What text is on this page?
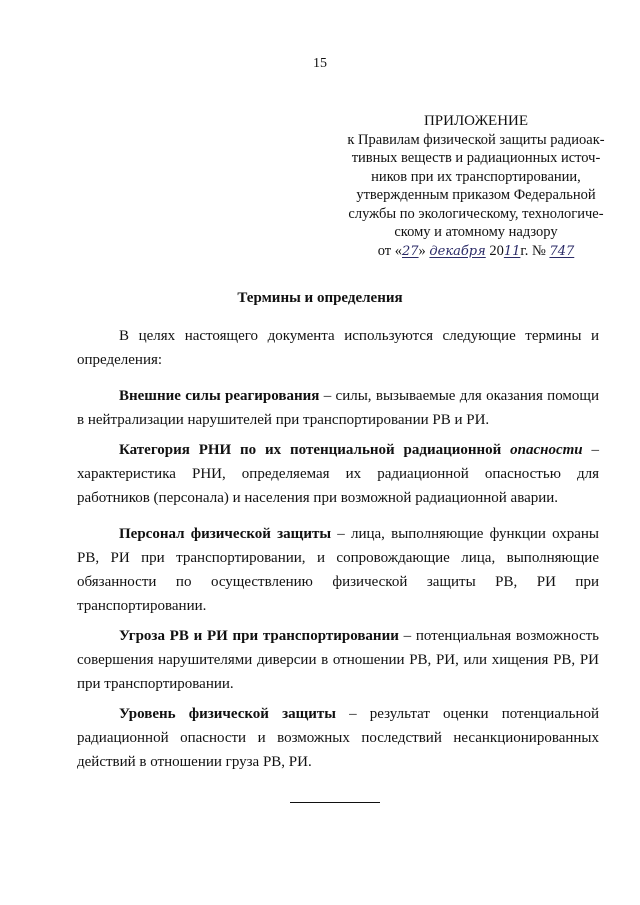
15
ПРИЛОЖЕНИЕ
к Правилам физической защиты радиоак-
тивных веществ и радиационных источ-
ников при их транспортировании,
утвержденным приказом Федеральной
службы по экологическому, технологиче-
скому и атомному надзору
от «27» декабря 2011г. № 747
Термины и определения

В целях настоящего документа используются следующие термины и определения:

Внешние силы реагирования – силы, вызываемые для оказания помощи в нейтрализации нарушителей при транспортировании РВ и РИ.

Категория РНИ по их потенциальной радиационной опасности – характеристика РНИ, определяемая их радиационной опасностью для работников (персонала) и населения при возможной радиационной аварии.

Персонал физической защиты – лица, выполняющие функции охраны РВ, РИ при транспортировании, и сопровождающие лица, выполняющие обязанности по осуществлению физической защиты РВ, РИ при транспортировании.

Угроза РВ и РИ при транспортировании – потенциальная возможность совершения нарушителями диверсии в отношении РВ, РИ, или хищения РВ, РИ при транспортировании.

Уровень физической защиты – результат оценки потенциальной радиационной опасности и возможных последствий несанкционированных действий в отношении груза РВ, РИ.
